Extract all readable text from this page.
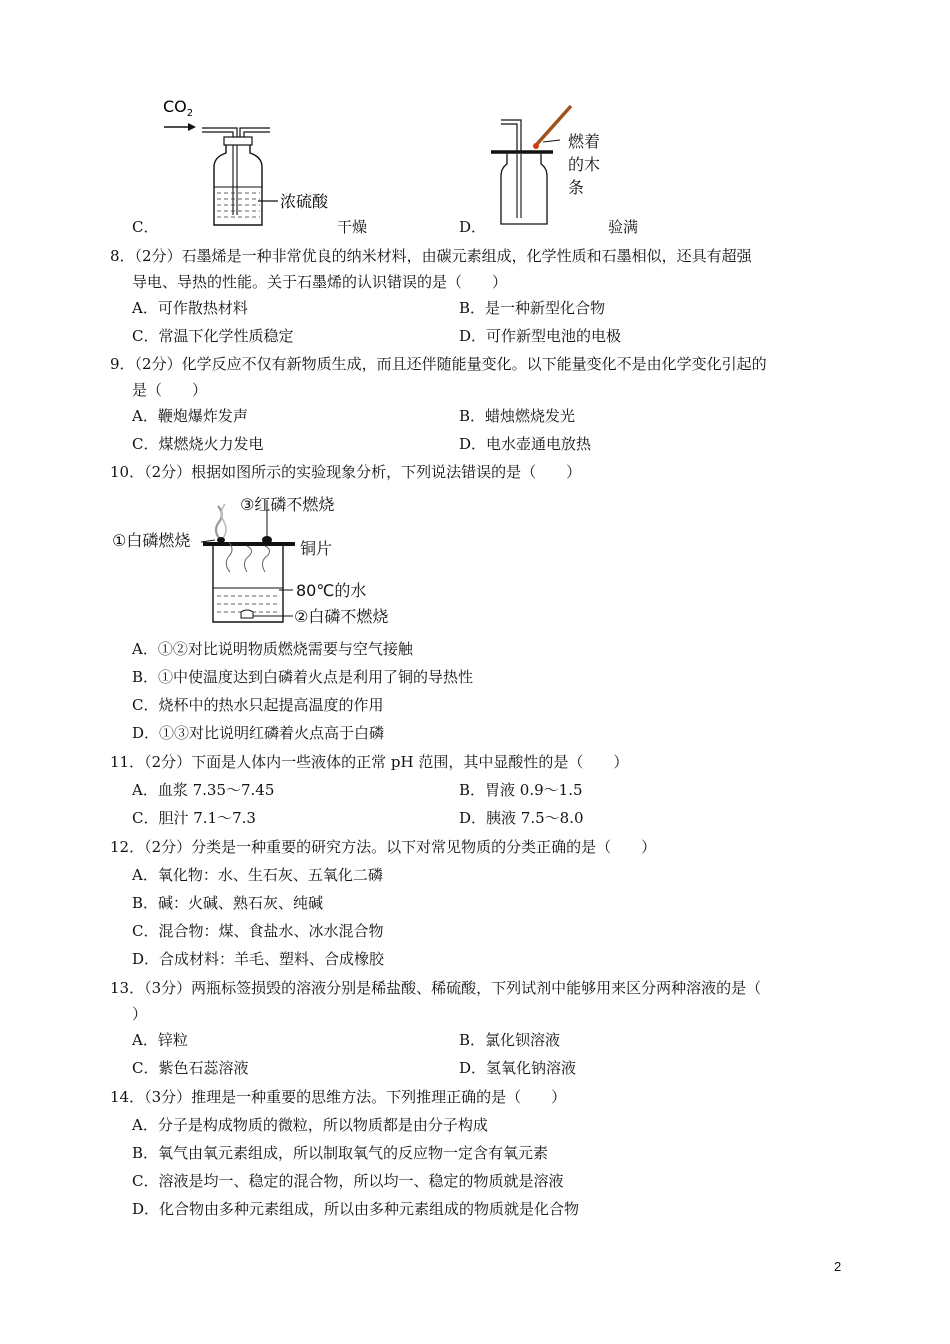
$CO_2$
浓硫酸
C．	干燥
燃着
的木
条
D．	验满
8．（2分）石墨烯是一种非常优良的纳米材料，由碳元素组成，化学性质和石墨相似，还具有超强
导电、导热的性能。关于石墨烯的认识错误的是（　　）
A．可作散热材料	B．是一种新型化合物
C．常温下化学性质稳定	D．可作新型电池的电极
9．（2分）化学反应不仅有新物质生成，而且还伴随能量变化。以下能量变化不是由化学变化引起的
是（　　）
A．鞭炮爆炸发声	B．蜡烛燃烧发光
C．煤燃烧火力发电	D．电水壶通电放热
10．（2分）根据如图所示的实验现象分析，下列说法错误的是（　　）
③红磷不燃烧
①白磷燃烧	铜片
80℃的水
②白磷不燃烧
A．①②对比说明物质燃烧需要与空气接触
B．①中使温度达到白磷着火点是利用了铜的导热性
C．烧杯中的热水只起提高温度的作用
D．①③对比说明红磷着火点高于白磷
11．（2分）下面是人体内一些液体的正常 pH 范围，其中显酸性的是（　　）
A．血浆 7.35～7.45	B．胃液 0.9～1.5
C．胆汁 7.1～7.3	D．胰液 7.5～8.0
12．（2分）分类是一种重要的研究方法。以下对常见物质的分类正确的是（　　）
A．氧化物：水、生石灰、五氧化二磷
B．碱：火碱、熟石灰、纯碱
C．混合物：煤、食盐水、冰水混合物
D．合成材料：羊毛、塑料、合成橡胶
13．（3分）两瓶标签损毁的溶液分别是稀盐酸、稀硫酸，下列试剂中能够用来区分两种溶液的是（
）
A．锌粒	B．氯化钡溶液
C．紫色石蕊溶液	D．氢氧化钠溶液
14．（3分）推理是一种重要的思维方法。下列推理正确的是（　　）
A．分子是构成物质的微粒，所以物质都是由分子构成
B．氧气由氧元素组成，所以制取氧气的反应物一定含有氧元素
C．溶液是均一、稳定的混合物，所以均一、稳定的物质就是溶液
D．化合物由多种元素组成，所以由多种元素组成的物质就是化合物
2
